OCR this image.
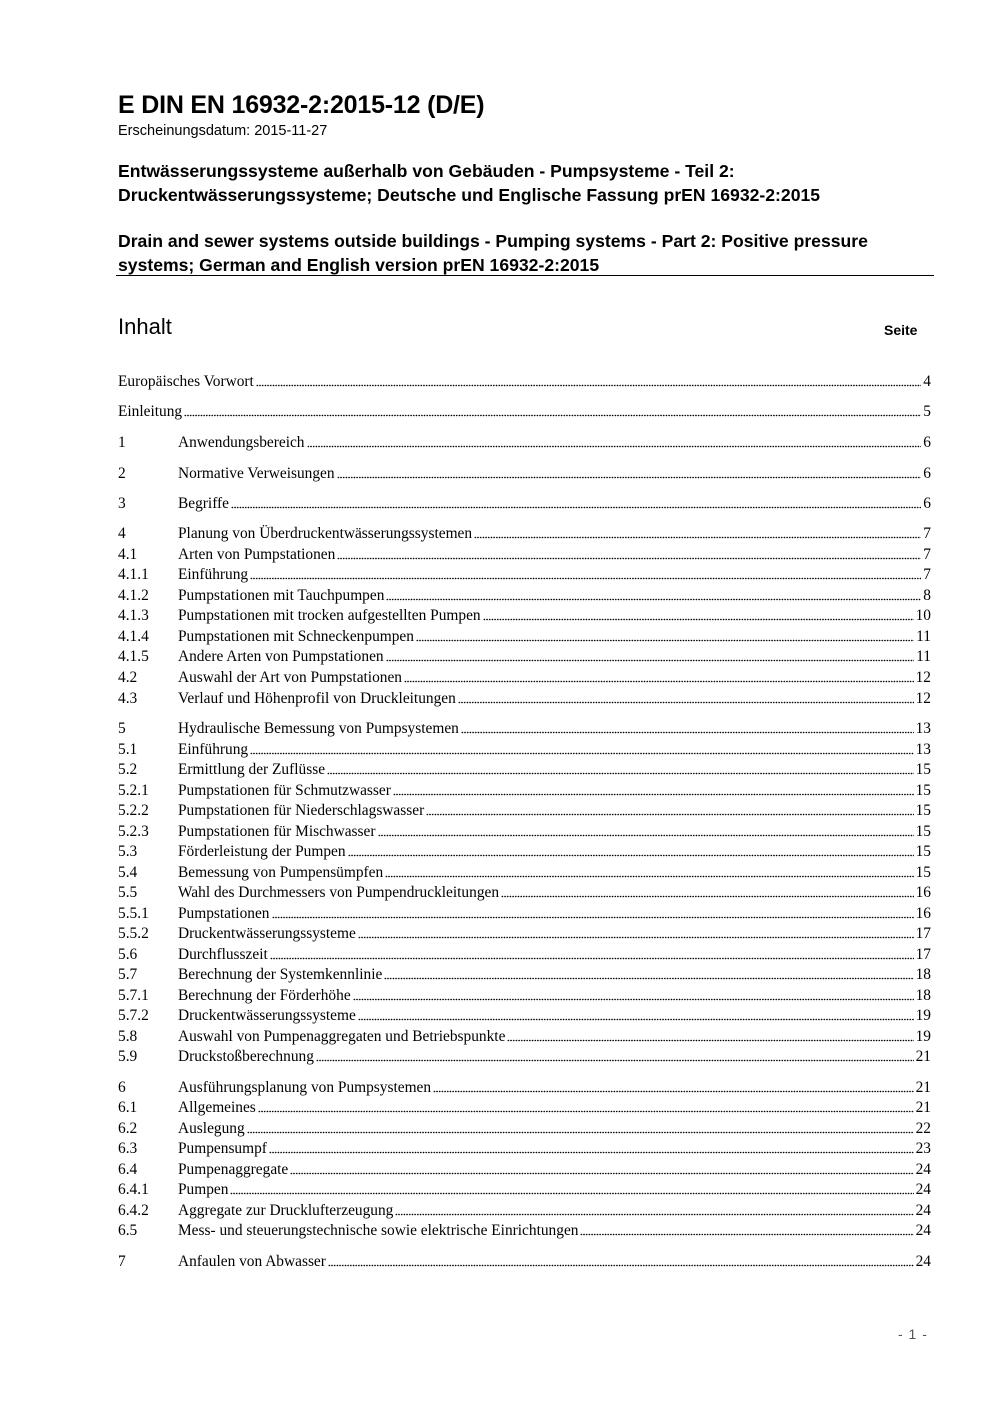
E DIN EN 16932-2:2015-12 (D/E)
Erscheinungsdatum: 2015-11-27
Entwässerungssysteme außerhalb von Gebäuden - Pumpsysteme - Teil 2: Druckentwässerungssysteme; Deutsche und Englische Fassung prEN 16932-2:2015
Drain and sewer systems outside buildings - Pumping systems - Part 2: Positive pressure systems; German and English version prEN 16932-2:2015
Inhalt	Seite
Europäisches Vorwort	4
Einleitung	5
1	Anwendungsbereich	6
2	Normative Verweisungen	6
3	Begriffe	6
4	Planung von Überdruckentwässerungssystemen	7
4.1	Arten von Pumpstationen	7
4.1.1	Einführung	7
4.1.2	Pumpstationen mit Tauchpumpen	8
4.1.3	Pumpstationen mit trocken aufgestellten Pumpen	10
4.1.4	Pumpstationen mit Schneckenpumpen	11
4.1.5	Andere Arten von Pumpstationen	11
4.2	Auswahl der Art von Pumpstationen	12
4.3	Verlauf und Höhenprofil von Druckleitungen	12
5	Hydraulische Bemessung von Pumpsystemen	13
5.1	Einführung	13
5.2	Ermittlung der Zuflüsse	15
5.2.1	Pumpstationen für Schmutzwasser	15
5.2.2	Pumpstationen für Niederschlagswasser	15
5.2.3	Pumpstationen für Mischwasser	15
5.3	Förderleistung der Pumpen	15
5.4	Bemessung von Pumpensümpfen	15
5.5	Wahl des Durchmessers von Pumpendruckleitungen	16
5.5.1	Pumpstationen	16
5.5.2	Druckentwässerungssysteme	17
5.6	Durchflusszeit	17
5.7	Berechnung der Systemkennlinie	18
5.7.1	Berechnung der Förderhöhe	18
5.7.2	Druckentwässerungssysteme	19
5.8	Auswahl von Pumpenaggregaten und Betriebspunkte	19
5.9	Druckstoßberechnung	21
6	Ausführungsplanung von Pumpsystemen	21
6.1	Allgemeines	21
6.2	Auslegung	22
6.3	Pumpensumpf	23
6.4	Pumpenaggregate	24
6.4.1	Pumpen	24
6.4.2	Aggregate zur Drucklufterzeugung	24
6.5	Mess- und steuerungstechnische sowie elektrische Einrichtungen	24
7	Anfaulen von Abwasser	24
- 1 -
